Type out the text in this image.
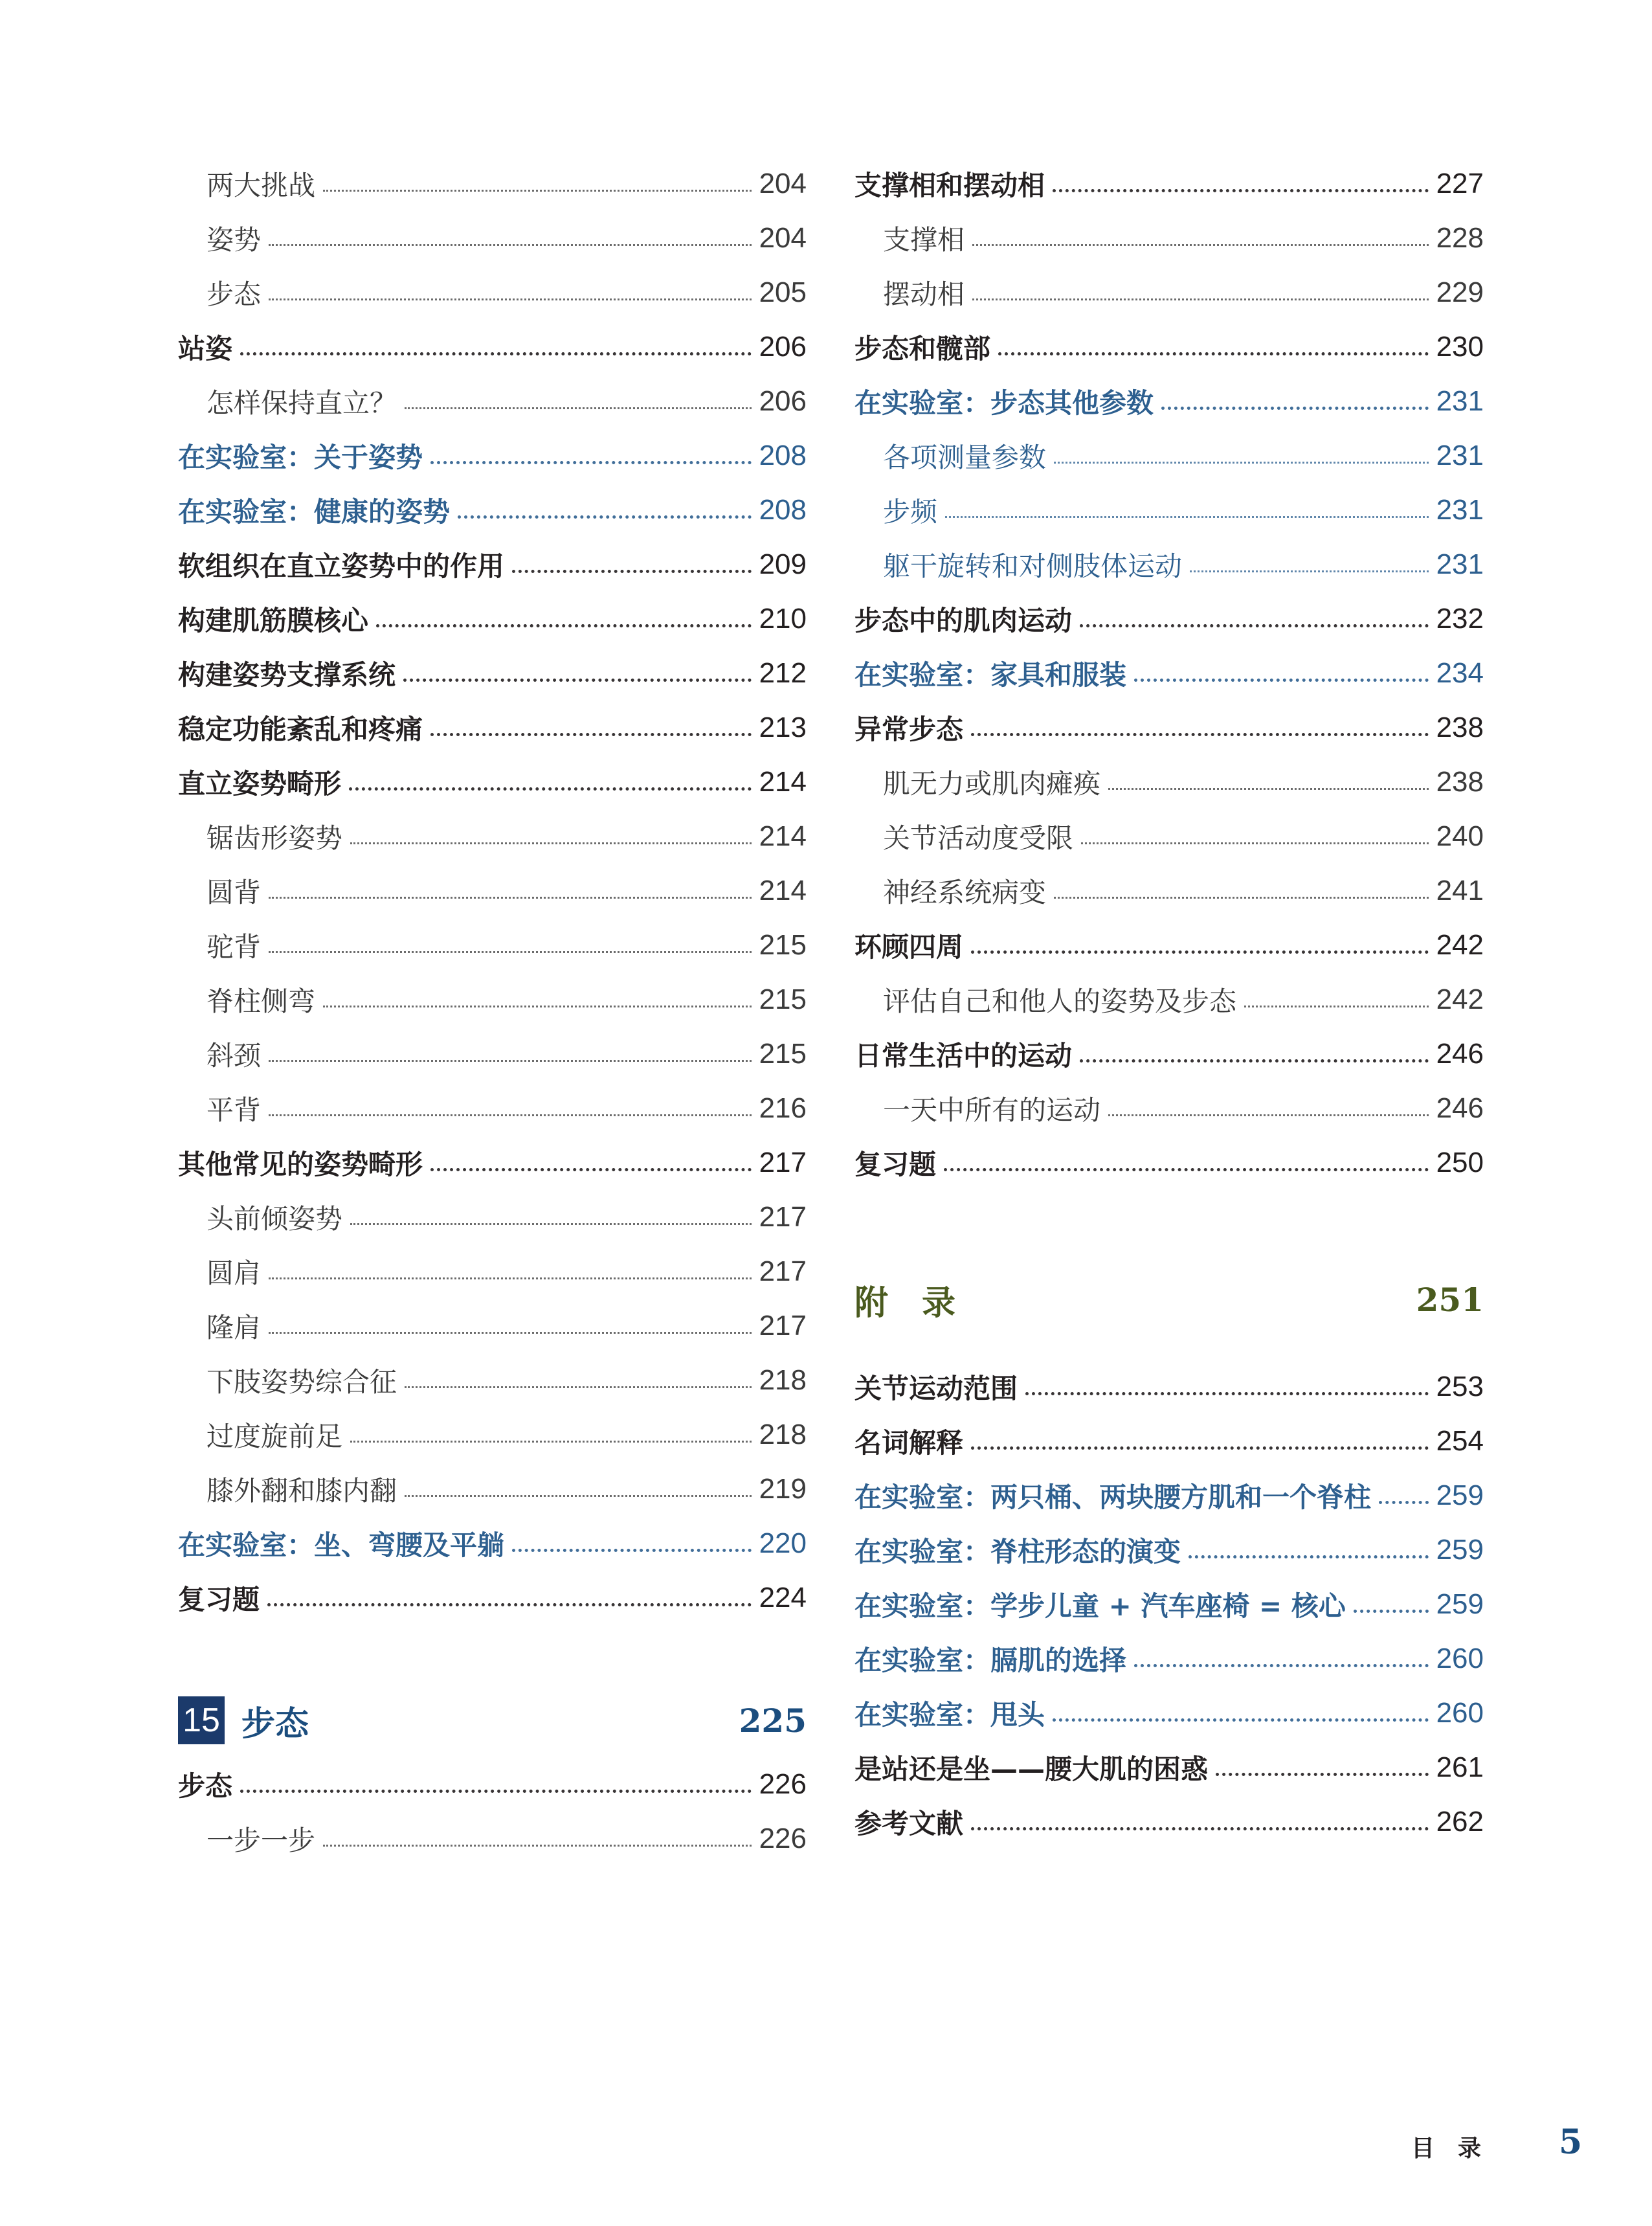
两大挑战	204
姿势	204
步态	205
站姿	206
怎样保持直立？	206
在实验室：关于姿势	208
在实验室：健康的姿势	208
软组织在直立姿势中的作用	209
构建肌筋膜核心	210
构建姿势支撑系统	212
稳定功能紊乱和疼痛	213
直立姿势畸形	214
锯齿形姿势	214
圆背	214
驼背	215
脊柱侧弯	215
斜颈	215
平背	216
其他常见的姿势畸形	217
头前倾姿势	217
圆肩	217
隆肩	217
下肢姿势综合征	218
过度旋前足	218
膝外翻和膝内翻	219
在实验室：坐、弯腰及平躺	220
复习题	224
15 步态	225
步态	226
一步一步	226
支撑相和摆动相	227
支撑相	228
摆动相	229
步态和髋部	230
在实验室：步态其他参数	231
各项测量参数	231
步频	231
躯干旋转和对侧肢体运动	231
步态中的肌肉运动	232
在实验室：家具和服装	234
异常步态	238
肌无力或肌肉瘫痪	238
关节活动度受限	240
神经系统病变	241
环顾四周	242
评估自己和他人的姿势及步态	242
日常生活中的运动	246
一天中所有的运动	246
复习题	250
附录	251
关节运动范围	253
名词解释	254
在实验室：两只桶、两块腰方肌和一个脊柱 259
在实验室：脊柱形态的演变	259
在实验室：学步儿童 + 汽车座椅 = 核心	259
在实验室：膈肌的选择	260
在实验室：甩头	260
是站还是坐——腰大肌的困惑	261
参考文献	262
目录 5
